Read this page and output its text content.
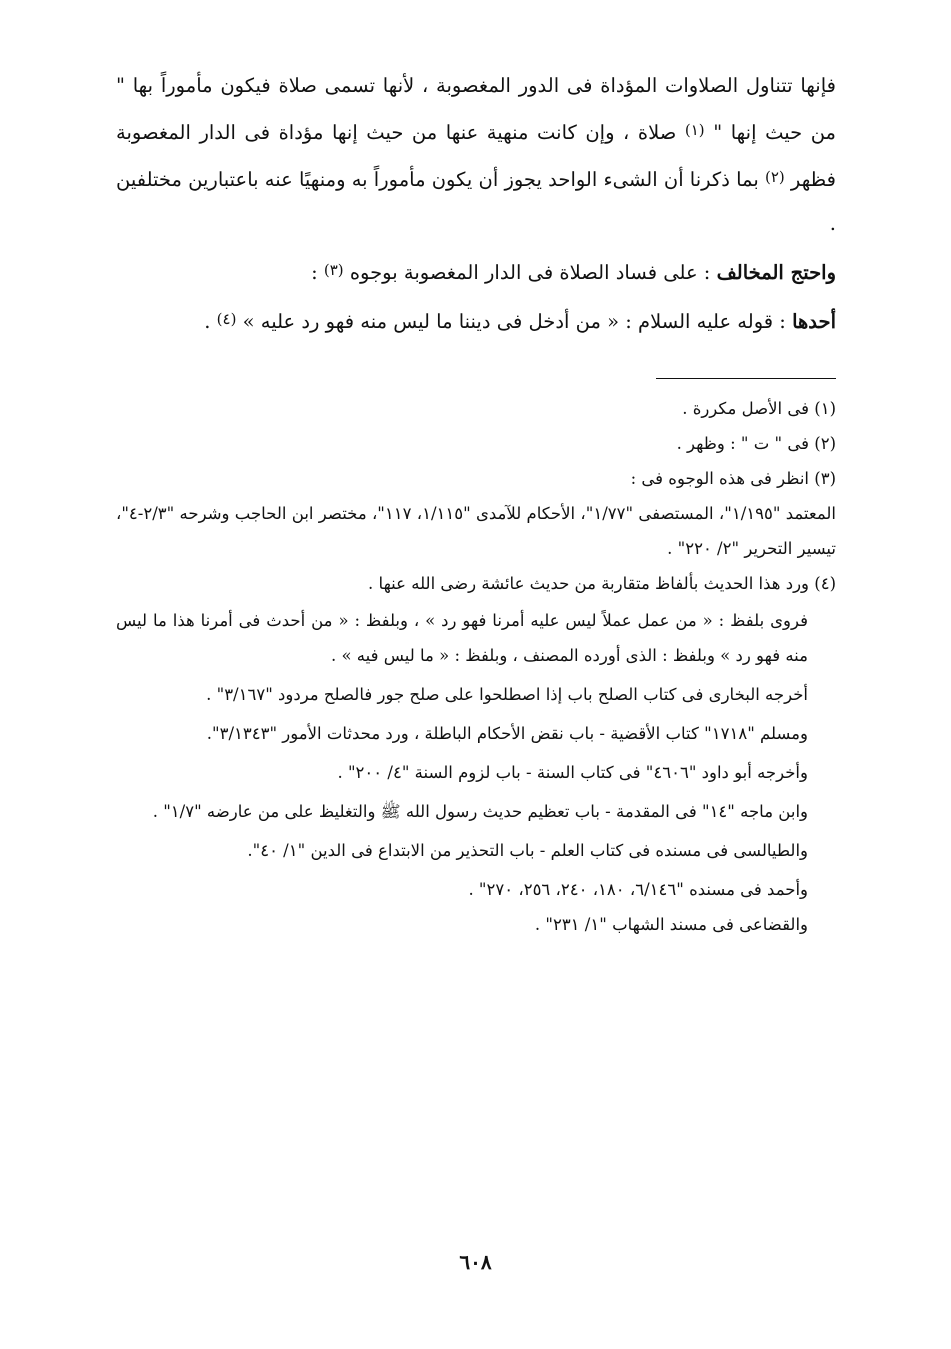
فإنها تتناول الصلاوات المؤداة فى الدور المغصوبة ، لأنها تسمى صلاة فيكون مأموراً بها " من حيث إنها " $^{(١)}$ صلاة ، وإن كانت منهية عنها من حيث إنها مؤداة فى الدار المغصوبة فظهر $^{(٢)}$ بما ذكرنا أن الشىء الواحد يجوز أن يكون مأموراً به ومنهيًا عنه باعتبارين مختلفين .

واحتج المخالف : على فساد الصلاة فى الدار المغصوبة بوجوه $^{(٣)}$ :

أحدها : قوله عليه السلام : « من أدخل فى ديننا ما ليس منه فهو رد عليه » $^{(٤)}$ .

(١) فى الأصل مكررة .

(٢) فى " ت " : وظهر .

(٣) انظر فى هذه الوجوه فى :

المعتمد "١/١٩٥"، المستصفى "١/٧٧"، الأحكام للآمدى "١/١١٥، ١١٧"، مختصر ابن الحاجب وشرحه "٢/٣-٤"، تيسير التحرير "٢/ ٢٢٠" .

(٤) ورد هذا الحديث بألفاظ متقاربة من حديث عائشة رضى الله عنها .

فروى بلفظ : « من عمل عملاً ليس عليه أمرنا فهو رد » ، وبلفظ : « من أحدث فى أمرنا هذا ما ليس منه فهو رد » وبلفظ : الذى أورده المصنف ، وبلفظ : « ما ليس فيه » .

أخرجه البخارى فى كتاب الصلح باب إذا اصطلحوا على صلح جور فالصلح مردود "٣/١٦٧" .

ومسلم "١٧١٨" كتاب الأقضية - باب نقض الأحكام الباطلة ، ورد محدثات الأمور "٣/١٣٤٣".

وأخرجه أبو داود "٤٦٠٦" فى كتاب السنة - باب لزوم السنة "٤/ ٢٠٠" .

وابن ماجه "١٤" فى المقدمة - باب تعظيم حديث رسول الله ﷺ والتغليظ على من عارضه "١/٧" .

والطيالسى فى مسنده فى كتاب العلم - باب التحذير من الابتداع فى الدين "١/ ٤٠".

وأحمد فى مسنده "٦/١٤٦، ١٨٠، ٢٤٠، ٢٥٦، ٢٧٠" .

والقضاعى فى مسند الشهاب "١/ ٢٣١" .

٦٠٨
